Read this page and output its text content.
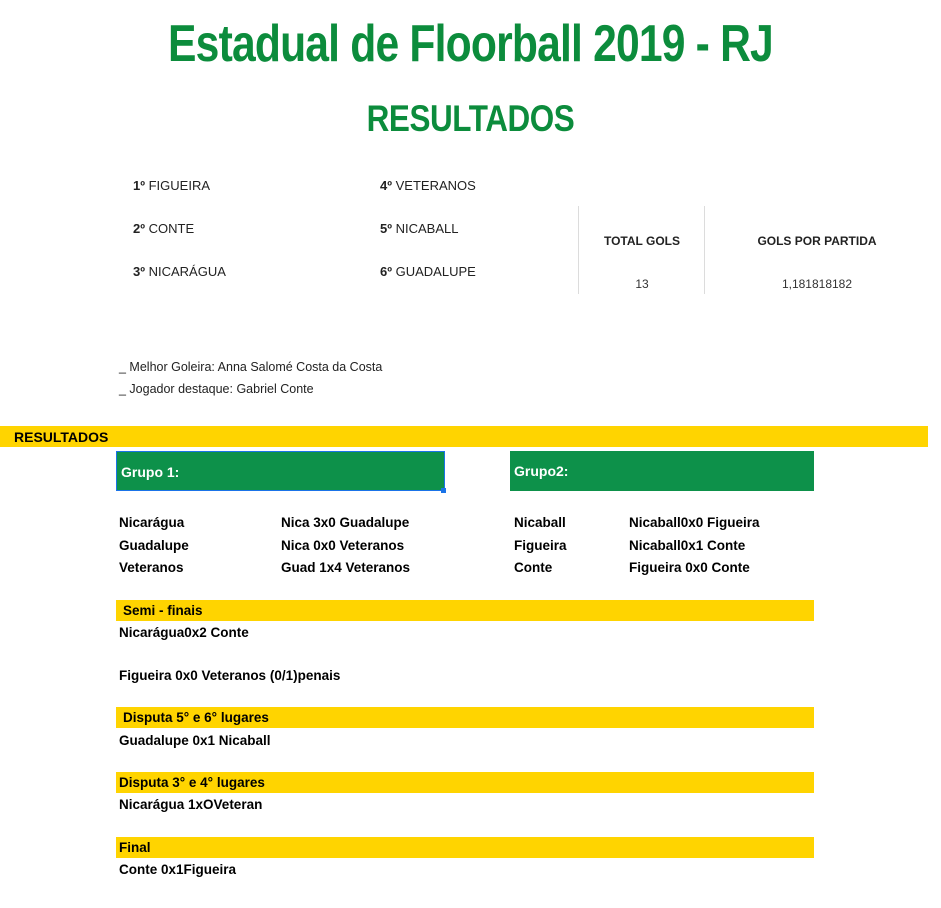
Estadual de Floorball 2019 - RJ
RESULTADOS
1º FIGUEIRA
2º CONTE
3º NICARÁGUA
4º VETERANOS
5º NICABALL
6º GUADALUPE
TOTAL GOLS
13
GOLS POR PARTIDA
1,181818182
_ Melhor Goleira: Anna Salomé Costa da Costa
_ Jogador destaque: Gabriel Conte
RESULTADOS
Grupo 1:	Grupo2:
Nicarágua
Guadalupe
Veteranos
Nica 3x0 Guadalupe
Nica 0x0 Veteranos
Guad 1x4 Veteranos
Nicaball
Figueira
Conte
Nicaball0x0 Figueira
Nicaball0x1 Conte
Figueira 0x0 Conte
Semi - finais
Nicarágua0x2 Conte
Figueira 0x0 Veteranos (0/1)penais
Disputa 5° e 6° lugares
Guadalupe 0x1 Nicaball
Disputa 3° e 4° lugares
Nicarágua 1xOVeteran
Final
Conte 0x1Figueira
